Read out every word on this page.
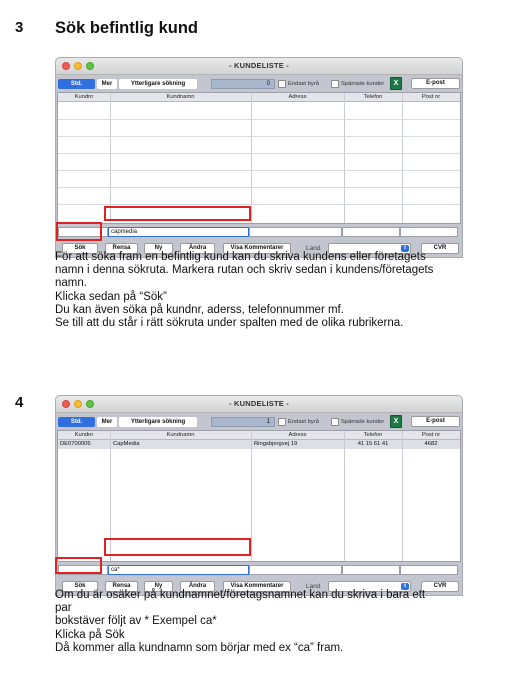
3 Sök befintlig kund
- KUNDELISTE -
Std.	Mer	Ytterligare sökning	0	Endast byrå	Spärrade kunder	X	E-post
Kundnr	Kundnamn	Adress	Telefon	Post nr
capmedia
Sök	Rensa	Ny	Ändra	Visa Kommentarer	Land	⇕	CVR
För att söka fram en befintlig kund kan du skriva kundens eller företagets
namn i denna sökruta. Markera rutan och skriv sedan i kundens/företagets
namn.
Klicka sedan på “Sök”
Du kan även söka på kundnr, aderss, telefonnummer mf.
Se till att du står i rätt sökruta under spalten med de olika rubrikerna.
4	- KUNDELISTE -
Std.	Mer	Ytterligare sökning	1	Endast byrå	Spärrade kunder	X	E-post
Kundnr	Kundnamn	Adress	Telefon	Post nr
DE0700005	CapMedia	Ringsbjergvej 19	41 15 61 41	4682
ca*
Sök	Rensa	Ny	Ändra	Visa Kommentarer	Land	⇕	CVR
Om du är osäker på kundnamnet/företagsnamnet kan du skriva i bara ett
par
bokstäver följt av * Exempel ca*
Klicka på Sök
Då kommer alla kundnamn som börjar med ex “ca” fram.
